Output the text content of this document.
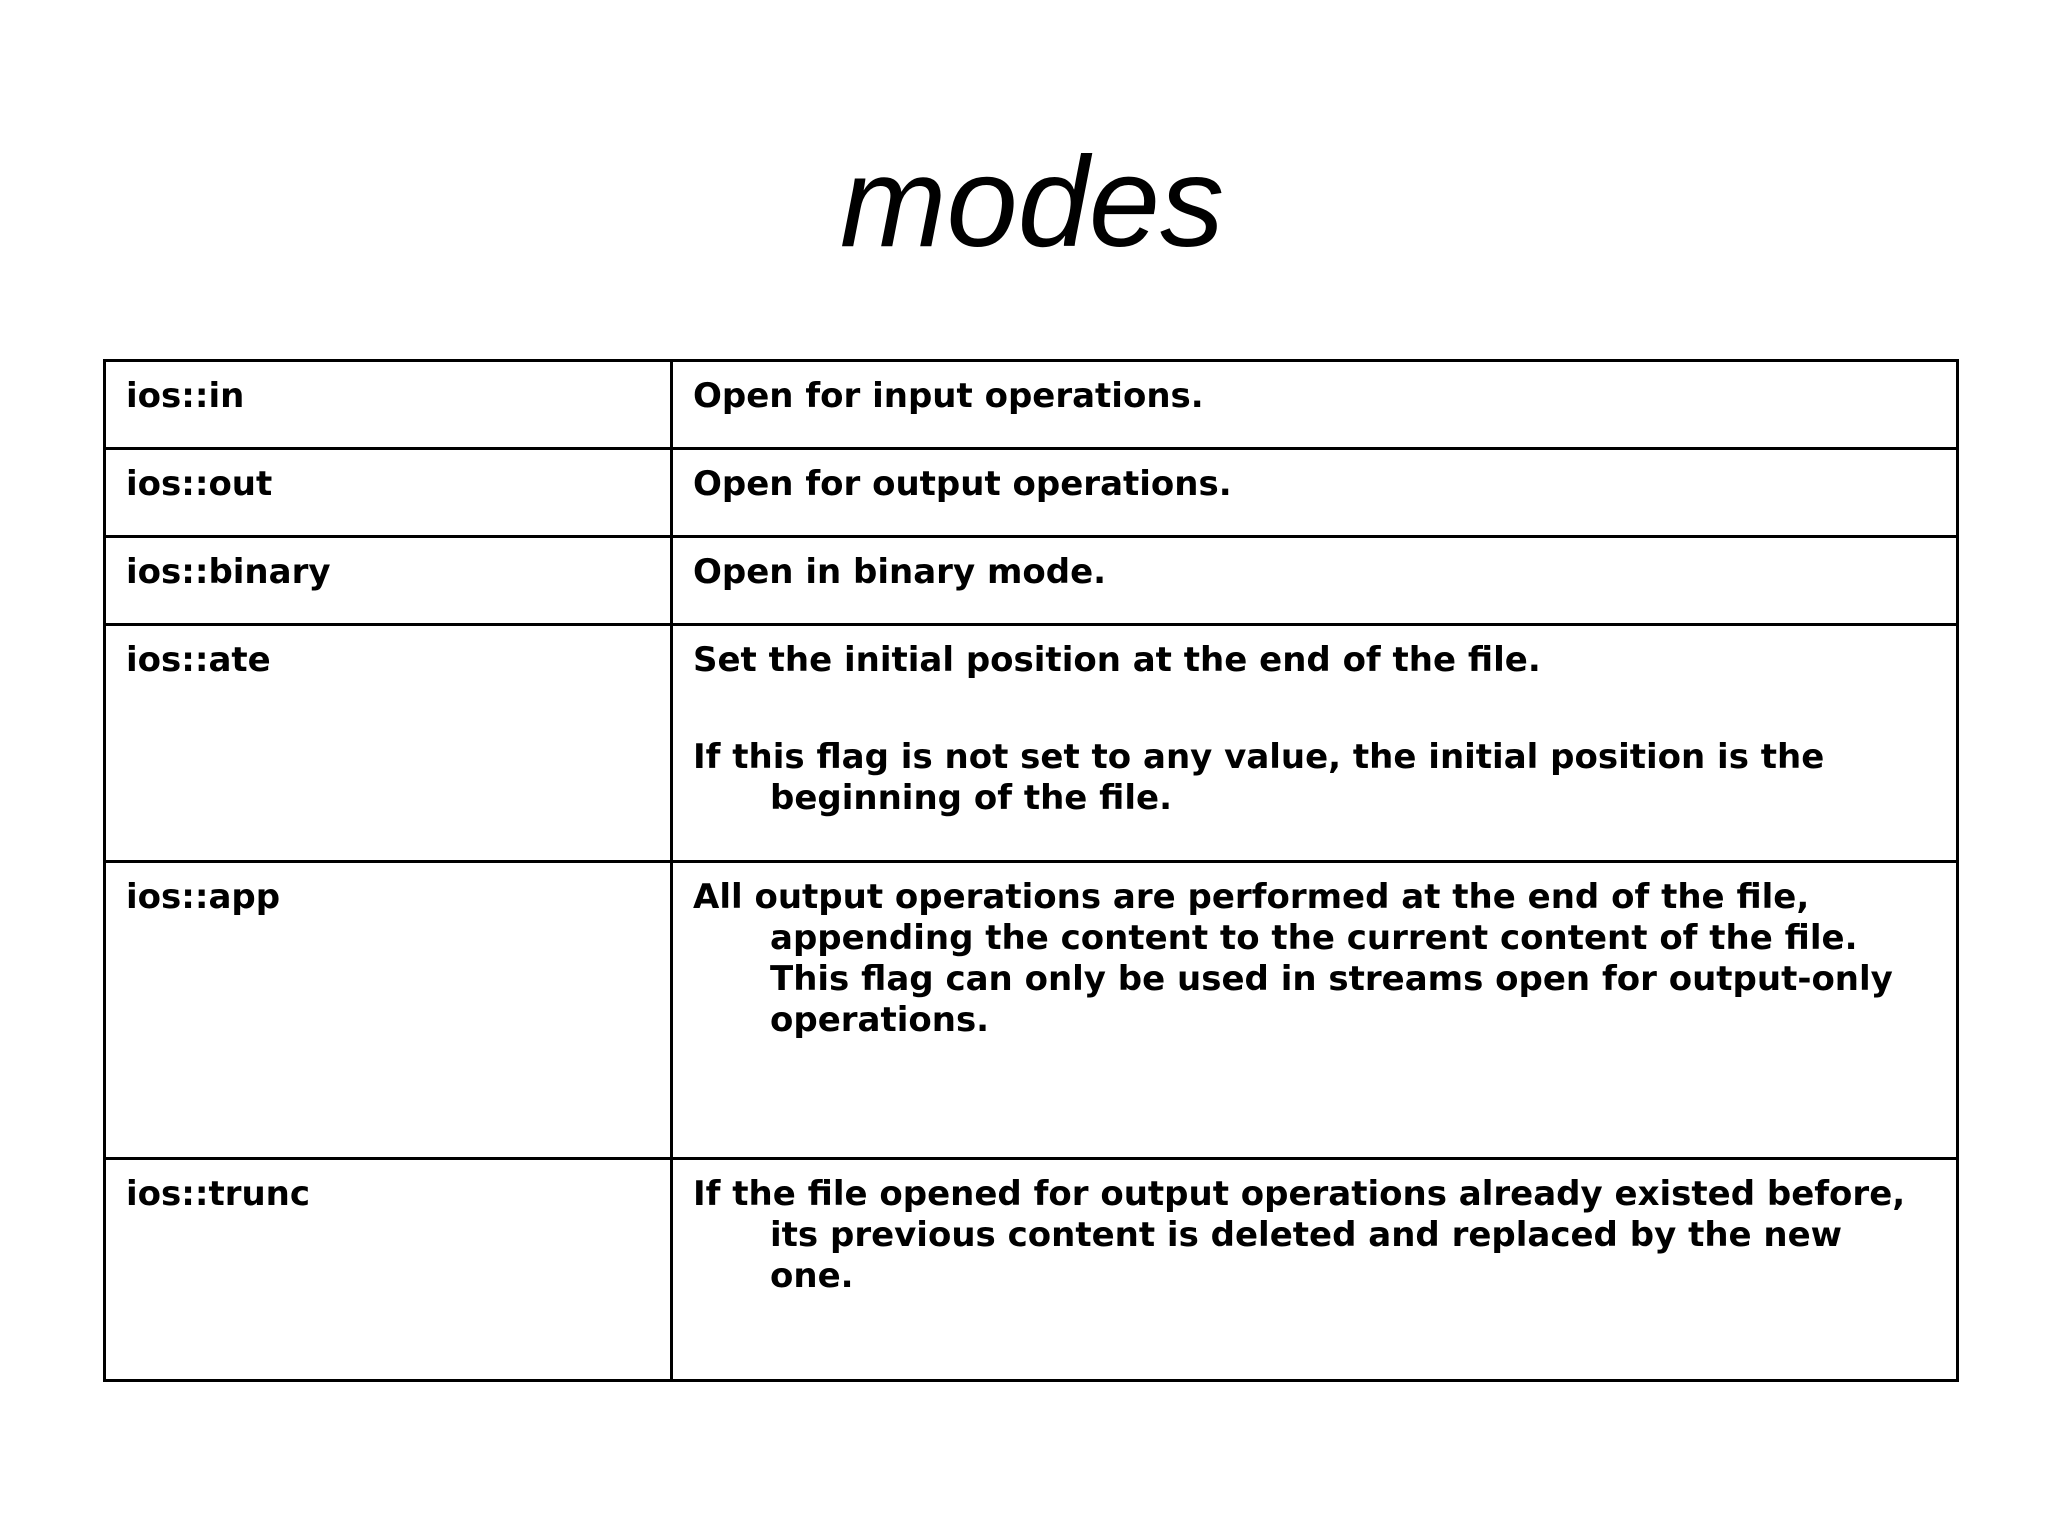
modes
ios::in	Open for input operations.

ios::out	Open for output operations.

ios::binary	Open in binary mode.

ios::ate	Set the initial position at the end of the file.

If this flag is not set to any value, the initial position is the beginning of the file.

ios::app	All output operations are performed at the end of the file, appending the content to the current content of the file. This flag can only be used in streams open for output-only operations.

ios::trunc	If the file opened for output operations already existed before, its previous content is deleted and replaced by the new one.
